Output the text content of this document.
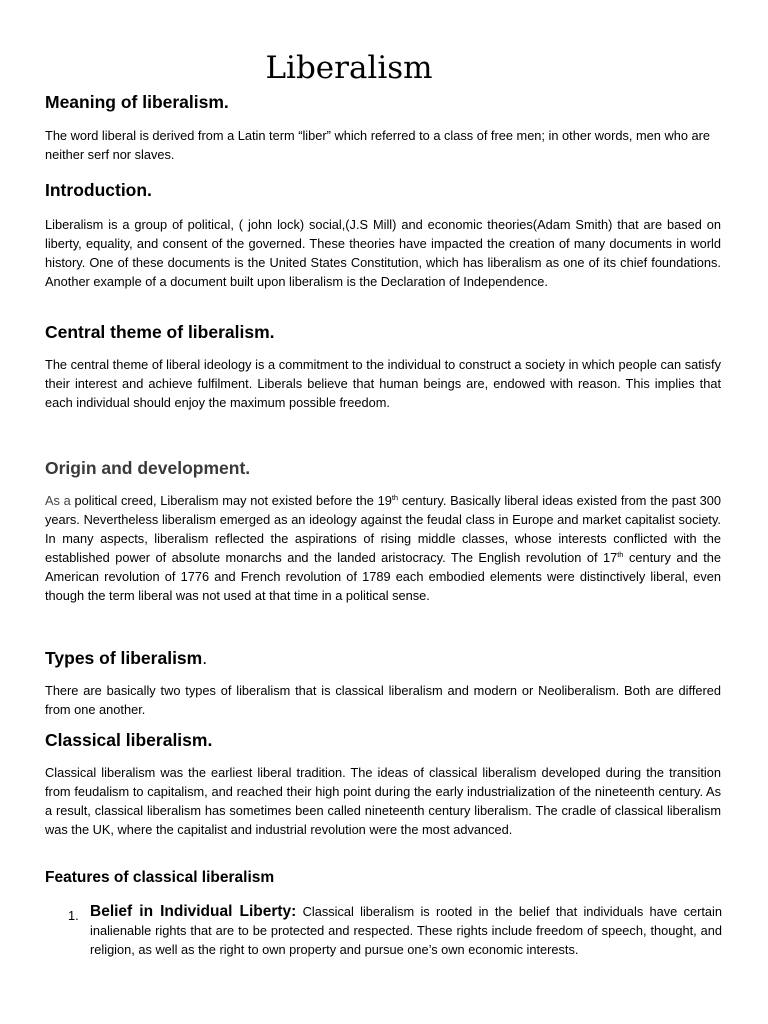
Liberalism
Meaning of liberalism.

The word liberal is derived from a Latin term “liber” which referred to a class of free men; in other words, men who are neither serf nor slaves.

Introduction.

Liberalism is a group of political, ( john lock) social,(J.S Mill) and economic theories(Adam Smith) that are based on liberty, equality, and consent of the governed. These theories have impacted the creation of many documents in world history. One of these documents is the United States Constitution, which has liberalism as one of its chief foundations. Another example of a document built upon liberalism is the Declaration of Independence.

Central theme of liberalism.

The central theme of liberal ideology is a commitment to the individual to construct a society in which people can satisfy their interest and achieve fulfilment. Liberals believe that human beings are, endowed with reason. This implies that each individual should enjoy the maximum possible freedom.

Origin and development.

As a political creed, Liberalism may not existed before the 19th century. Basically liberal ideas existed from the past 300 years. Nevertheless liberalism emerged as an ideology against the feudal class in Europe and market capitalist society. In many aspects, liberalism reflected the aspirations of rising middle classes, whose interests conflicted with the established power of absolute monarchs and the landed aristocracy. The English revolution of 17th century and the American revolution of 1776 and French revolution of 1789 each embodied elements were distinctively liberal, even though the term liberal was not used at that time in a political sense.

Types of liberalism.

There are basically two types of liberalism that is classical liberalism and modern or Neoliberalism. Both are differed from one another.

Classical liberalism.

Classical liberalism was the earliest liberal tradition. The ideas of classical liberalism developed during the transition from feudalism to capitalism, and reached their high point during the early industrialization of the nineteenth century. As a result, classical liberalism has sometimes been called nineteenth century liberalism. The cradle of classical liberalism was the UK, where the capitalist and industrial revolution were the most advanced.

Features of classical liberalism
1. Belief in Individual Liberty: Classical liberalism is rooted in the belief that individuals have certain inalienable rights that are to be protected and respected. These rights include freedom of speech, thought, and religion, as well as the right to own property and pursue one’s own economic interests.
